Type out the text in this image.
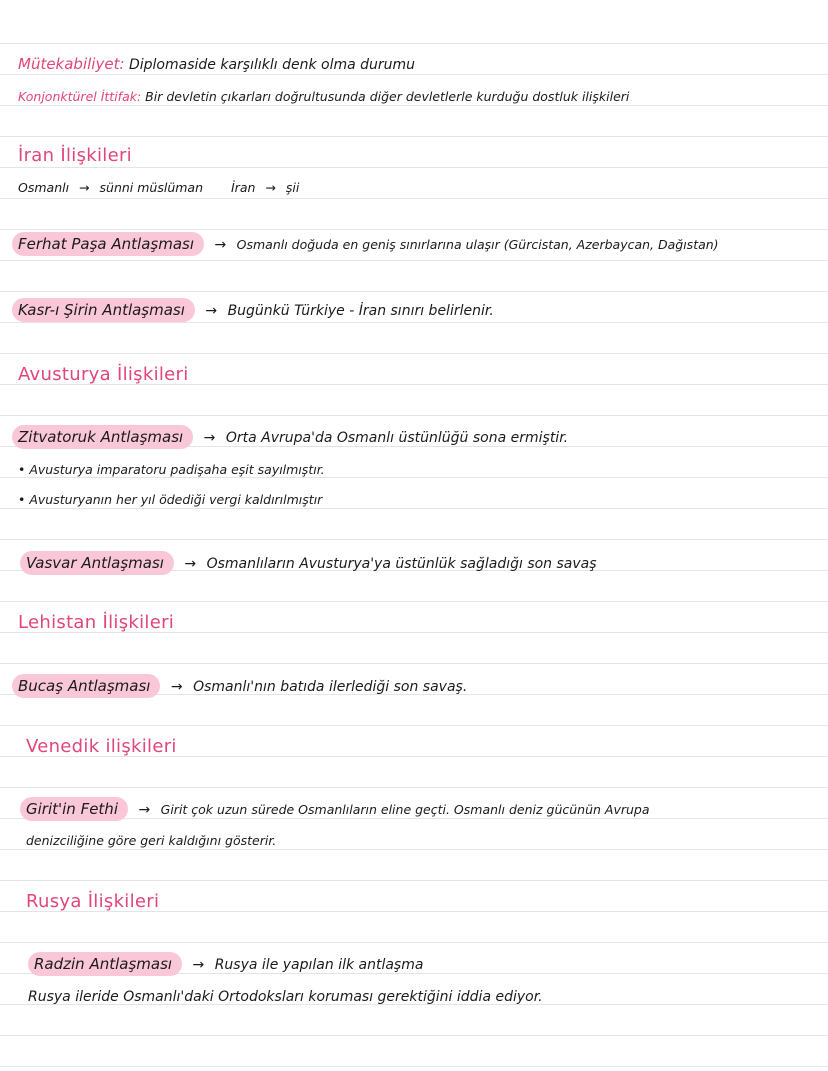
Mütekabiliyet: Diplomaside karşılıklı denk olma durumu
Konjonktürel İttifak: Bir devletin çıkarları doğrultusunda diğer devletlerle kurduğu dostluk ilişkileri
İran İlişkileri
Osmanlı → sünni müslüman İran → şii
Ferhat Paşa Antlaşması → Osmanlı doğuda en geniş sınırlarına ulaşır (Gürcistan, Azerbaycan, Dağıstan)
Kasr-ı Şirin Antlaşması → Bugünkü Türkiye - İran sınırı belirlenir.
Avusturya İlişkileri
Zitvatoruk Antlaşması → Orta Avrupa'da Osmanlı üstünlüğü sona ermiştir.
• Avusturya imparatoru padişaha eşit sayılmıştır.
• Avusturyanın her yıl ödediği vergi kaldırılmıştır
Vasvar Antlaşması → Osmanlıların Avusturya'ya üstünlük sağladığı son savaş
Lehistan İlişkileri
Bucaş Antlaşması → Osmanlı'nın batıda ilerlediği son savaş.
Venedik ilişkileri
Girit'in Fethi → Girit çok uzun sürede Osmanlıların eline geçti. Osmanlı deniz gücünün Avrupa
denizciliğine göre geri kaldığını gösterir.
Rusya İlişkileri
Radzin Antlaşması → Rusya ile yapılan ilk antlaşma
Rusya ileride Osmanlı'daki Ortodoksları koruması gerektiğini iddia ediyor.
